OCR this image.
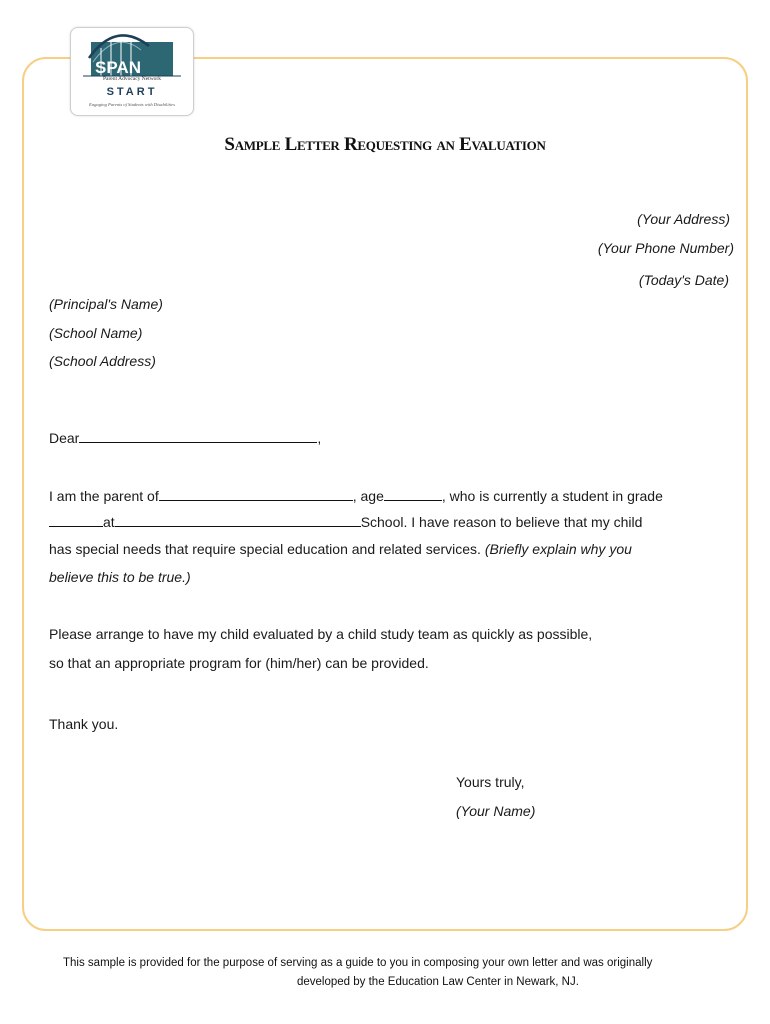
SPAN
Parent Advocacy Network
START
Engaging Parents of Students with Disabilities
Sample Letter Requesting an Evaluation
(Your Address)
(Your Phone Number)
(Today's Date)
(Principal's Name)
(School Name)
(School Address)
Dear	,
I am the parent of	, age	, who is currently a student in grade
at	School. I have reason to believe that my child
has special needs that require special education and related services. (Briefly explain why you
believe this to be true.)
Please arrange to have my child evaluated by a child study team as quickly as possible,
so that an appropriate program for (him/her) can be provided.
Thank you.
Yours truly,
(Your Name)
This sample is provided for the purpose of serving as a guide to you in composing your own letter and was originally
developed by the Education Law Center in Newark, NJ.
